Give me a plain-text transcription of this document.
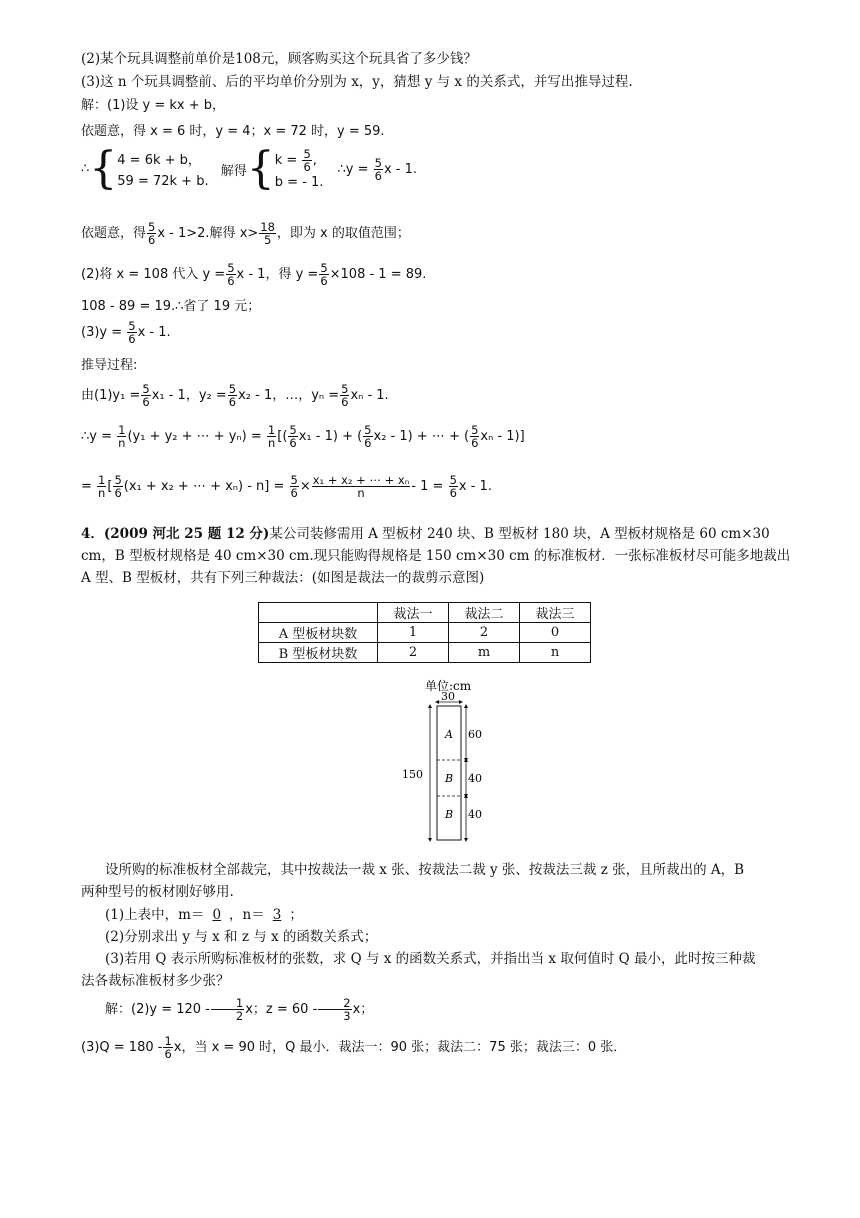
(2)某个玩具调整前单价是108元，顾客购买这个玩具省了多少钱？
(3)这 n 个玩具调整前、后的平均单价分别为 x，y，猜想 y 与 x 的关系式，并写出推导过程.
解：(1)设 y = kx + b，
依题意，得 x = 6 时，y = 4；x = 72 时，y = 59.
∴{ 4 = 6k + b，
59 = 72k + b.
解得{ $k = \frac{5}{6}$ ,
b = - 1.
∴y = $\frac{5}{6}$ x - 1.
依题意，得 $\frac{5}{6}$ x - 1>2.解得 $x> \frac{18}{5}$ ，即为 x 的取值范围；
(2)将 x = 108 代入 $y = \frac{5}{6}$ x - 1，得 $y = \frac{5}{6} \times 108 - 1 = 89$.
108 - 89 = 19.∴省了 19 元；
$(3)y = \frac{5}{6}$ x - 1.
推导过程:
由$(1)y_1 = \frac{5}{6} x_1 - 1$，$y_2 = \frac{5}{6} x_2 - 1$，…，$y_n = \frac{5}{6}$ xₙ - 1.
∴y = $\frac{1}{n} (y_1 + y_2$ + ⋯ + $y_n) = \frac{1}{n}$ [( $\frac{5}{6} x_1 - 1$) + ( $\frac{5}{6} x_2 - 1$) + ⋯ + ( $\frac{5}{6}$ xₙ - 1)]
= $\frac{1}{n}$ [ $\frac{5}{6} (x_1 + x_2$ + ⋯ + $x_n) - n] = \frac{5}{6} \times \frac{\text{x₁ + x₂ + ⋯ + xₙ}}{n} - 1 = \frac{5}{6}$ x - 1.
4．(2009 河北 25 题 12 分)某公司装修需用 A 型板材 240 块、B 型板材 180 块，A 型板材规格是 60 cm×30
cm，B 型板材规格是 40 cm×30 cm.现只能购得规格是 150 cm×30 cm 的标准板材．一张标准板材尽可能多地裁出
A 型、B 型板材，共有下列三种裁法：(如图是裁法一的裁剪示意图)
	裁法一	裁法二	裁法三
A 型板材块数	1	2	0
B 型板材块数	2	m	n
单位:cm
30
A
B
B
150
60
40
40
设所购的标准板材全部裁完，其中按裁法一裁 x 张、按裁法二裁 y 张、按裁法三裁 z 张，且所裁出的 A，B
两种型号的板材刚好够用.
(1)上表中，m＝ 0 ，n＝ 3 ；
(2)分别求出 y 与 x 和 z 与 x 的函数关系式；
(3)若用 Q 表示所购标准板材的张数，求 Q 与 x 的函数关系式，并指出当 x 取何值时 Q 最小，此时按三种裁
法各裁标准板材多少张？
解：$(2)y = 120 - \frac{1}{2}$ x；$z = 60 - \frac{2}{3}$ x；
$(3)Q = 180 - \frac{1}{6}$ x，当 x = 90 时，Q 最小．裁法一：90 张；裁法二：75 张；裁法三：0 张．
